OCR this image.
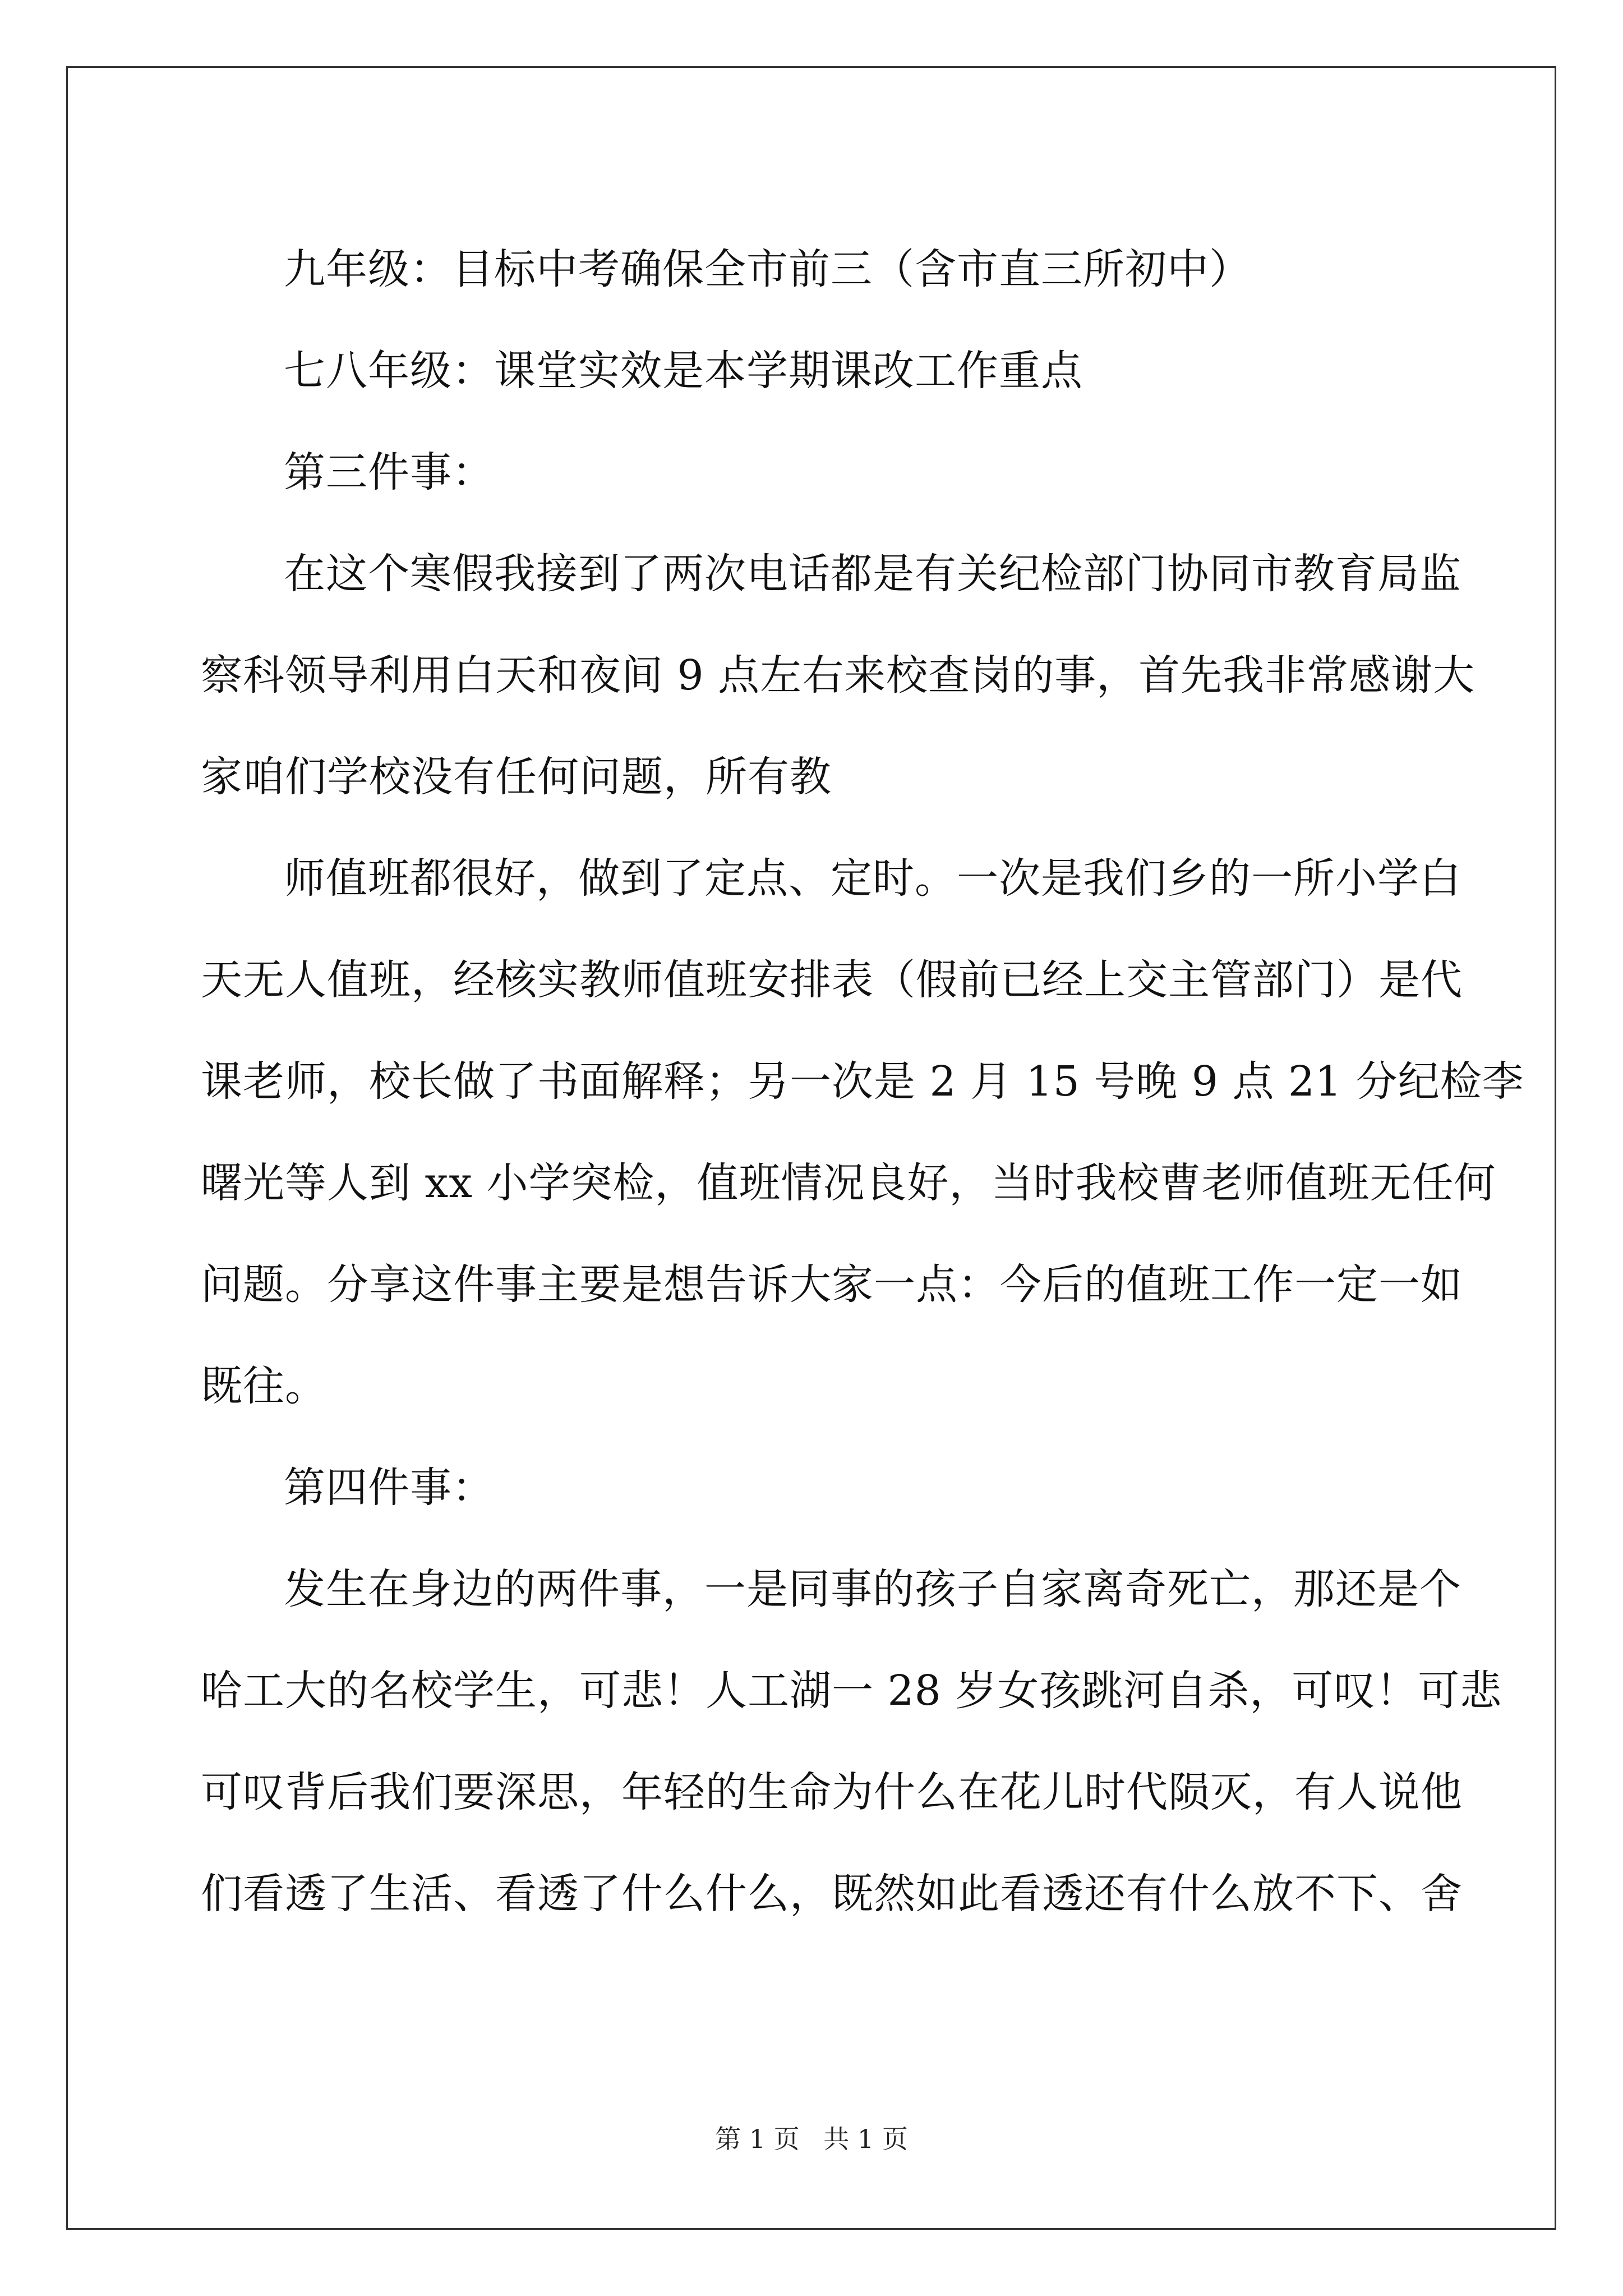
九年级：目标中考确保全市前三（含市直三所初中）
七八年级：课堂实效是本学期课改工作重点
第三件事：
在这个寒假我接到了两次电话都是有关纪检部门协同市教育局监
察科领导利用白天和夜间 9 点左右来校查岗的事，首先我非常感谢大
家咱们学校没有任何问题，所有教
师值班都很好，做到了定点、定时。一次是我们乡的一所小学白
天无人值班，经核实教师值班安排表（假前已经上交主管部门）是代
课老师，校长做了书面解释；另一次是 2 月 15 号晚 9 点 21 分纪检李
曙光等人到 xx 小学突检，值班情况良好，当时我校曹老师值班无任何
问题。分享这件事主要是想告诉大家一点：今后的值班工作一定一如
既往。
第四件事：
发生在身边的两件事，一是同事的孩子自家离奇死亡，那还是个
哈工大的名校学生，可悲！人工湖一 28 岁女孩跳河自杀，可叹！可悲
可叹背后我们要深思，年轻的生命为什么在花儿时代陨灭，有人说他
们看透了生活、看透了什么什么，既然如此看透还有什么放不下、舍

第 1 页 共 1 页
